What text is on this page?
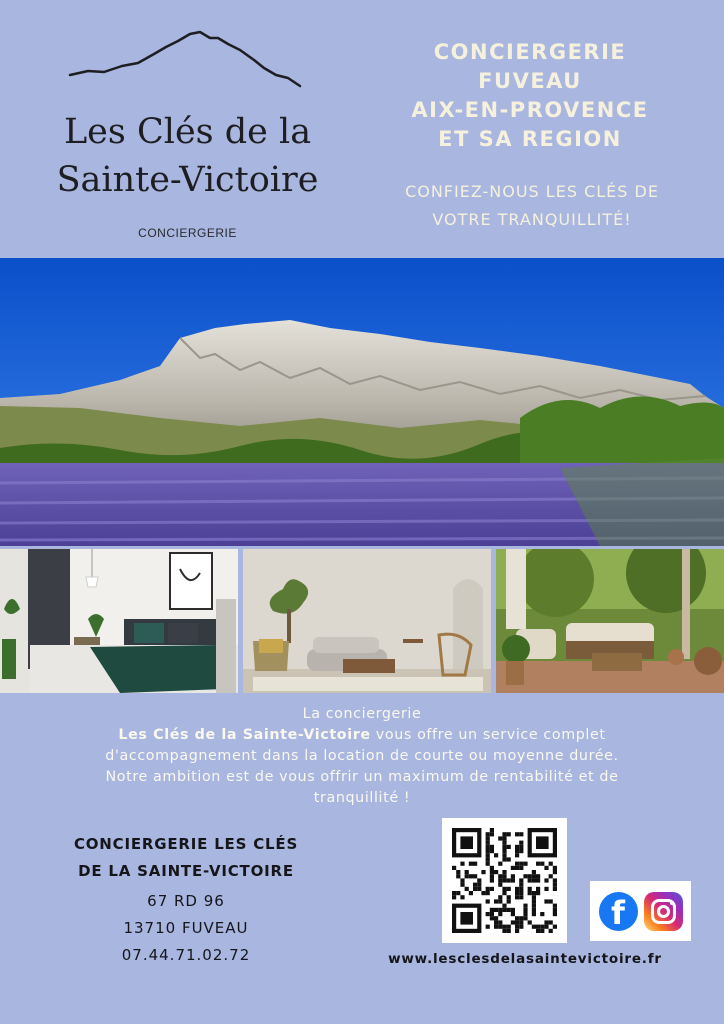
Les Clés de la
Sainte-Victoire
CONCIERGERIE
CONCIERGERIE
FUVEAU
AIX-EN-PROVENCE
ET SA REGION
CONFIEZ-NOUS LES CLÉS DE
VOTRE TRANQUILLITÉ!
La conciergerie
Les Clés de la Sainte-Victoire vous offre un service complet
d'accompagnement dans la location de courte ou moyenne durée.
Notre ambition est de vous offrir un maximum de rentabilité et de
tranquillité !
CONCIERGERIE LES CLÉS
DE LA SAINTE-VICTOIRE
67 RD 96
13710 FUVEAU
07.44.71.02.72
f
www.lesclesdelasaintevictoire.fr
